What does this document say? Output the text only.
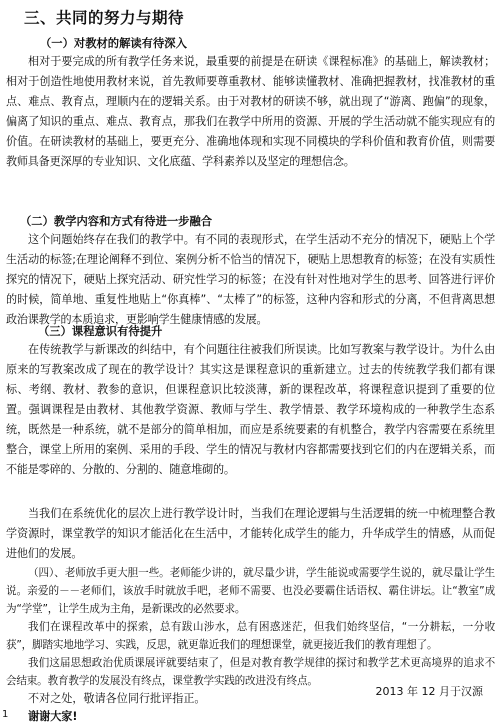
三、共同的努力与期待

（一）对教材的解读有待深入

相对于要完成的所有教学任务来说，最重要的前提是在研读《课程标准》的基础上，解读教材；相对于创造性地使用教材来说，首先教师要尊重教材、能够读懂教材、准确把握教材，找准教材的重点、难点、教育点，理顺内在的逻辑关系。由于对教材的研读不够，就出现了“游离、跑偏”的现象，偏离了知识的重点、难点、教育点，那我们在教学中所用的资源、开展的学生活动就不能实现应有的价值。在研读教材的基础上，要更充分、准确地体现和实现不同模块的学科价值和教育价值，则需要教师具备更深厚的专业知识、文化底蕴、学科素养以及坚定的理想信念。

（二）教学内容和方式有待进一步融合

这个问题始终存在我们的教学中。有不同的表现形式，在学生活动不充分的情况下，硬贴上个学生活动的标签;在理论阐释不到位、案例分析不恰当的情况下，硬贴上思想教育的标签；在没有实质性探究的情况下，硬贴上探究活动、研究性学习的标签；在没有针对性地对学生的思考、回答进行评价的时候，简单地、重复性地贴上“你真棒”、“太棒了”的标签，这种内容和形式的分离，不但背离思想政治课教学的本质追求，更影响学生健康情感的发展。

（三）课程意识有待提升

在传统教学与新课改的纠结中，有个问题往往被我们所误读。比如写教案与教学设计。为什么由原来的写教案改成了现在的教学设计？其实这是课程意识的重新建立。过去的传统教学我们都有课标、考纲、教材、教参的意识，但课程意识比较淡薄，新的课程改革，将课程意识提到了重要的位置。强调课程是由教材、其他教学资源、教师与学生、教学情景、教学环境构成的一种教学生态系统，既然是一种系统，就不是部分的简单相加，而应是系统要素的有机整合，教学内容需要在系统里整合，课堂上所用的案例、采用的手段、学生的情况与教材内容都需要找到它们的内在逻辑关系，而不能是零碎的、分散的、分割的、随意堆砌的。

当我们在系统优化的层次上进行教学设计时，当我们在理论逻辑与生活逻辑的统一中梳理整合教学资源时，课堂教学的知识才能活化在生活中，才能转化成学生的能力，升华成学生的情感，从而促进他们的发展。

（四）、老师放手更大胆一些。老师能少讲的，就尽量少讲，学生能说或需要学生说的，就尽量让学生说。亲爱的－－老师们，该放手时就放手吧，老师不需要、也没必要霸住话语权、霸住讲坛。让“教室”成为“学堂”，让学生成为主角，是新课改的必然要求。

我们在课程改革中的探索，总有跋山涉水，总有困惑迷茫，但我们始终坚信，“一分耕耘，一分收获”，脚踏实地地学习、实践，反思，就更靠近我们的理想课堂，就更接近我们的教育理想了。

我们这届思想政治优质课展评就要结束了，但是对教育教学规律的探讨和教学艺术更高境界的追求不会结束。教育教学的发展没有终点，课堂教学实践的改进没有终点。

不对之处，敬请各位同行批评指正。

谢谢大家!

2013 年 12 月于汉源

1
